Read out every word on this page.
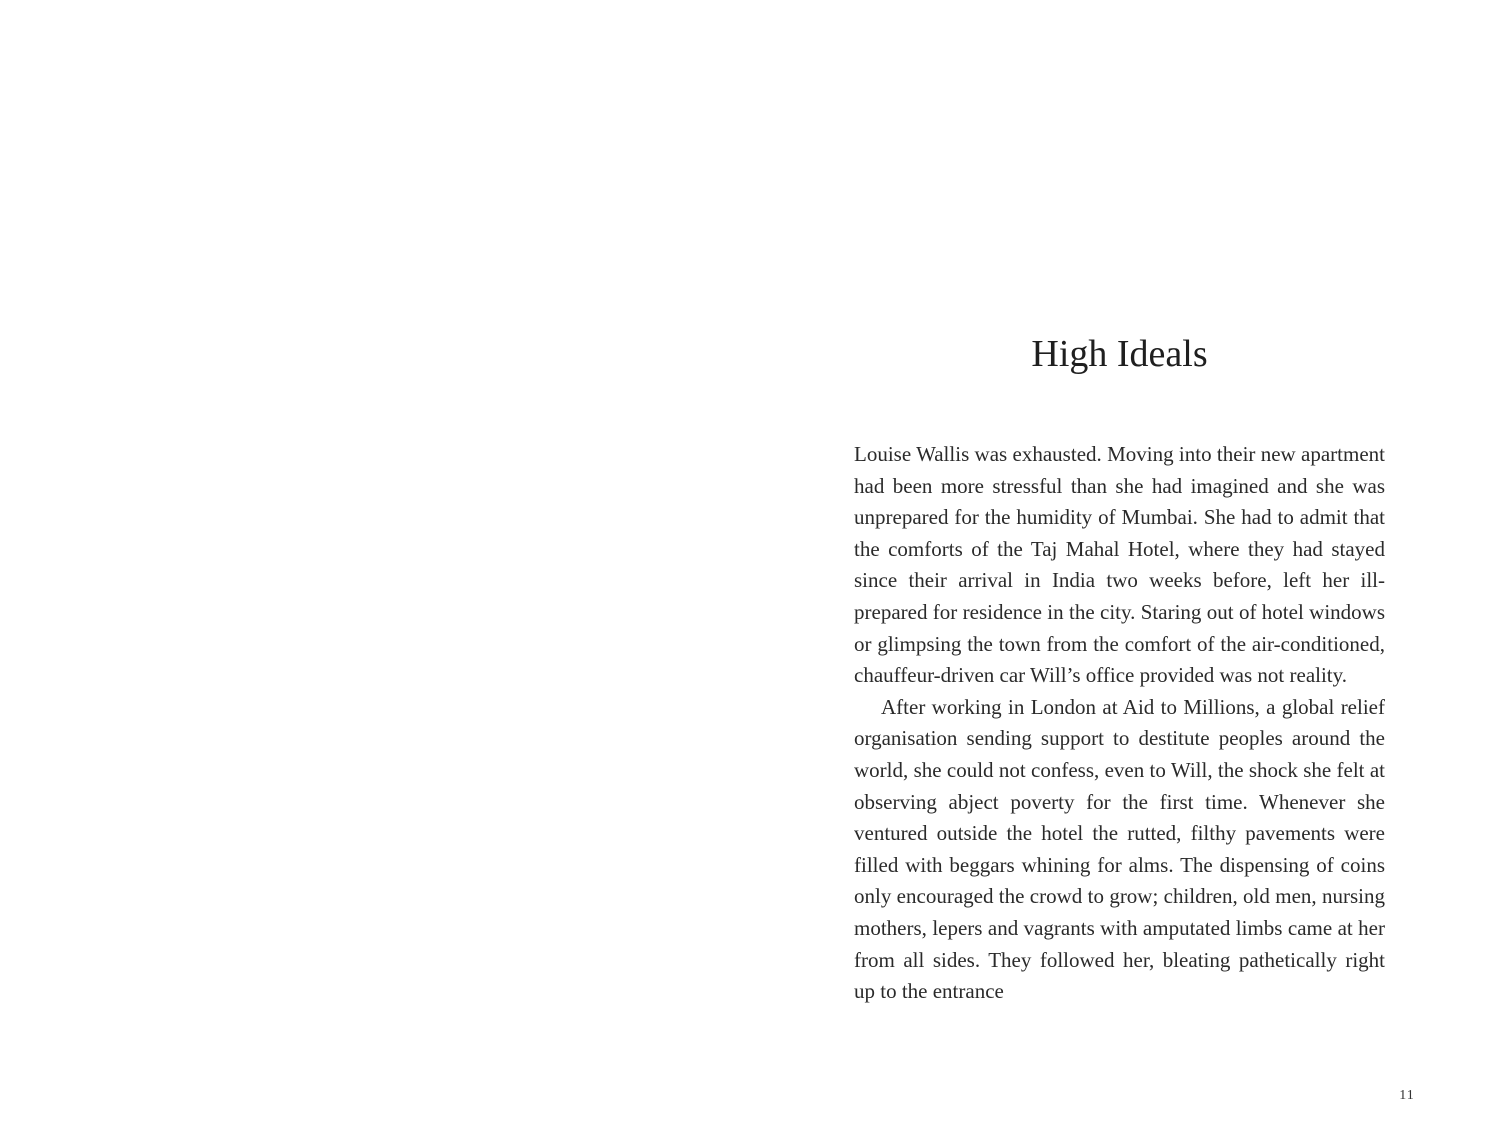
High Ideals

Louise Wallis was exhausted. Moving into their new apartment had been more stressful than she had imagined and she was unprepared for the humidity of Mumbai. She had to admit that the comforts of the Taj Mahal Hotel, where they had stayed since their arrival in India two weeks before, left her ill-prepared for residence in the city. Staring out of hotel windows or glimpsing the town from the comfort of the air-conditioned, chauffeur-driven car Will’s office provided was not reality.

After working in London at Aid to Millions, a global relief organisation sending support to destitute peoples around the world, she could not confess, even to Will, the shock she felt at observing abject poverty for the first time. Whenever she ventured outside the hotel the rutted, filthy pavements were filled with beggars whining for alms. The dispensing of coins only encouraged the crowd to grow; children, old men, nursing mothers, lepers and vagrants with amputated limbs came at her from all sides. They followed her, bleating pathetically right up to the entrance

11
